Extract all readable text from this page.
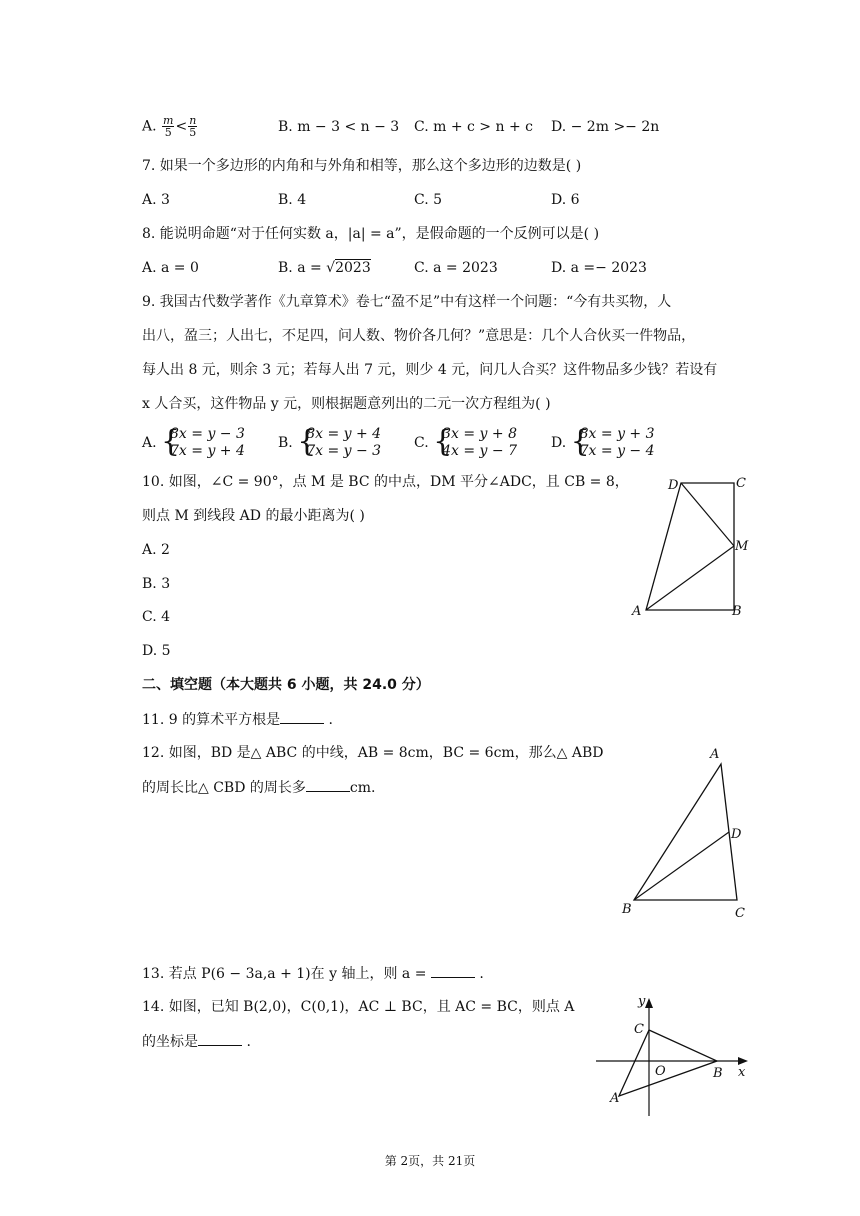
A. $\frac{m}{5} < \frac{n}{5}$	B. m − 3 < n − 3 C. m + c > n + c D. − 2m >− 2n
7. 如果一个多边形的内角和与外角和相等，那么这个多边形的边数是( )
A. 3	B. 4	C. 5	D. 6
8. 能说明命题“对于任何实数 a，|a| = a”，是假命题的一个反例可以是( )
A. a = 0	B. a = √2023	C. a = 2023	D. a =− 2023
9. 我国古代数学著作《九章算术》卷七“盈不足”中有这样一个问题：“今有共买物，人
出八，盈三；人出七，不足四，问人数、物价各几何？”意思是：几个人合伙买一件物品，
每人出 8 元，则余 3 元；若每人出 7 元，则少 4 元，问几人合买？这件物品多少钱？若设有
x 人合买，这件物品 y 元，则根据题意列出的二元一次方程组为( )
A. {
8x = y − 3
7x = y + 4 B. {
8x = y + 4
7x = y − 3 C. {
3x = y + 8
4x = y − 7 D. {
8x = y + 3
7x = y − 4
10. 如图，∠C = 90°，点 M 是 BC 的中点，DM 平分∠ADC，且 CB = 8，
则点 M 到线段 AD 的最小距离为( )
A. 2
B. 3
C. 4
D. 5
D	C
M
A	B
二、填空题（本大题共 6 小题，共 24.0 分）
11. 9 的算术平方根是	.
12. 如图，BD 是△ ABC 的中线，AB = 8cm，BC = 6cm，那么△ ABD
的周长比△ CBD 的周长多	cm.
A
D
B	C
13. 若点 P(6 − 3a,a + 1)在 y 轴上，则 a =	.
14. 如图，已知 B(2,0)，C(0,1)，AC ⊥ BC，且 AC = BC，则点 A
的坐标是	.
y
x
C
O	B
A
第 2页，共 21页
